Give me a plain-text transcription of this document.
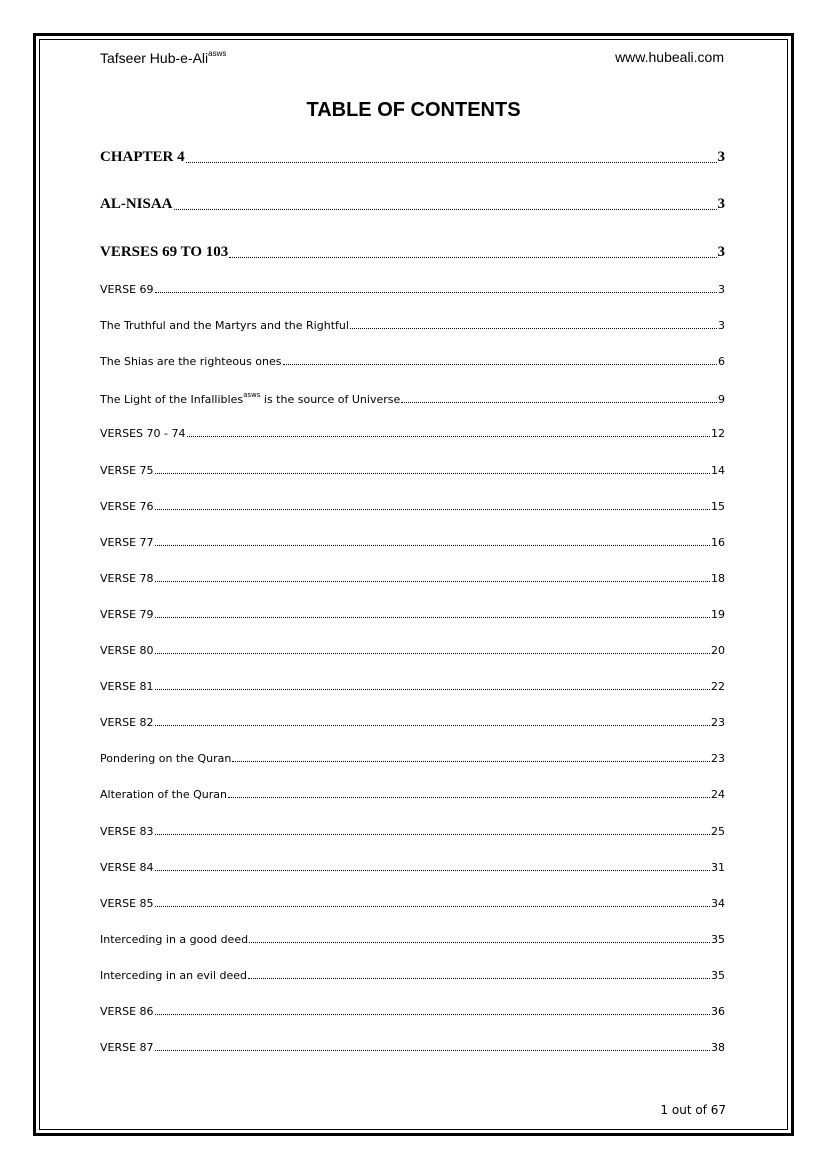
Tafseer Hub-e-Ali$^{asws}$	www.hubeali.com
TABLE OF CONTENTS
CHAPTER 4	3
AL-NISAA	3
VERSES 69 TO 103	3
VERSE 69	3
The Truthful and the Martyrs and the Rightful	3
The Shias are the righteous ones	6
The Light of the Infallibles$^{asws}$ is the source of Universe	9
VERSES 70 - 74	12
VERSE 75	14
VERSE 76	15
VERSE 77	16
VERSE 78	18
VERSE 79	19
VERSE 80	20
VERSE 81	22
VERSE 82	23
Pondering on the Quran	23
Alteration of the Quran	24
VERSE 83	25
VERSE 84	31
VERSE 85	34
Interceding in a good deed	35
Interceding in an evil deed	35
VERSE 86	36
VERSE 87	38
1 out of 67
